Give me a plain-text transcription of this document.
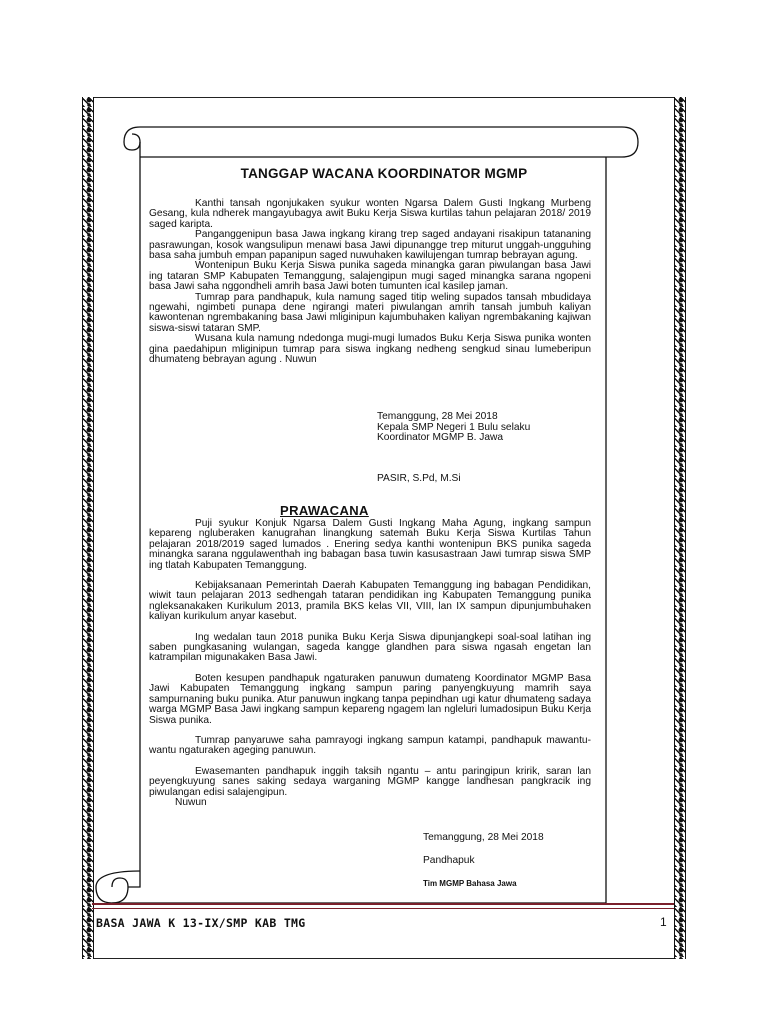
TANGGAP WACANA KOORDINATOR MGMP

Kanthi tansah ngonjukaken syukur wonten Ngarsa Dalem Gusti Ingkang Murbeng Gesang, kula ndherek mangayubagya awit Buku Kerja Siswa kurtilas tahun pelajaran 2018/ 2019 saged karipta.

Panganggenipun basa Jawa ingkang kirang trep saged andayani risakipun tatananing pasrawungan, kosok wangsulipun menawi basa Jawi dipunangge trep miturut unggah-ungguhing basa saha jumbuh empan papanipun saged nuwuhaken kawilujengan tumrap bebrayan agung.

Wontenipun Buku Kerja Siswa punika sageda minangka garan piwulangan basa Jawi ing tataran SMP Kabupaten Temanggung, salajengipun mugi saged minangka sarana ngopeni basa Jawi saha nggondheli amrih basa Jawi boten tumunten ical kasilep jaman.

Tumrap para pandhapuk, kula namung saged titip weling supados tansah mbudidaya ngewahi, ngimbeti punapa dene ngirangi materi piwulangan amrih tansah jumbuh kaliyan kawontenan ngrembakaning basa Jawi mliginipun kajumbuhaken kaliyan ngrembakaning kajiwan siswa-siswi tataran SMP.

Wusana kula namung ndedonga mugi-mugi lumados Buku Kerja Siswa punika wonten gina paedahipun mliginipun tumrap para siswa ingkang nedheng sengkud sinau lumeberipun dhumateng bebrayan agung . Nuwun

Temanggung, 28 Mei 2018
Kepala SMP Negeri 1 Bulu selaku
Koordinator MGMP B. Jawa
PASIR, S.Pd, M.Si
PRAWACANA

Puji syukur Konjuk Ngarsa Dalem Gusti Ingkang Maha Agung, ingkang sampun kepareng ngluberaken kanugrahan linangkung satemah Buku Kerja Siswa Kurtilas Tahun pelajaran 2018/2019 saged lumados . Enering sedya kanthi wontenipun BKS punika sageda minangka sarana nggulawenthah ing babagan basa tuwin kasusastraan Jawi tumrap siswa SMP ing tlatah Kabupaten Temanggung.

Kebijaksanaan Pemerintah Daerah Kabupaten Temanggung ing babagan Pendidikan, wiwit taun pelajaran 2013 sedhengah tataran pendidikan ing Kabupaten Temanggung punika ngleksanakaken Kurikulum 2013, pramila BKS kelas VII, VIII, lan IX sampun dipunjumbuhaken kaliyan kurikulum anyar kasebut.

Ing wedalan taun 2018 punika Buku Kerja Siswa dipunjangkepi soal-soal latihan ing saben pungkasaning wulangan, sageda kangge glandhen para siswa ngasah engetan lan katrampilan migunakaken Basa Jawi.

Boten kesupen pandhapuk ngaturaken panuwun dumateng Koordinator MGMP Basa Jawi Kabupaten Temanggung ingkang sampun paring panyengkuyung mamrih saya sampurnaning buku punika. Atur panuwun ingkang tanpa pepindhan ugi katur dhumateng sadaya warga MGMP Basa Jawi ingkang sampun kepareng ngagem lan ngleluri lumadosipun Buku Kerja Siswa punika.

Tumrap panyaruwe saha pamrayogi ingkang sampun katampi, pandhapuk mawantu-wantu ngaturaken ageging panuwun.

Ewasemanten pandhapuk inggih taksih ngantu – antu paringipun kririk, saran lan peyengkuyung sanes saking sedaya warganing MGMP kangge landhesan pangkracik ing piwulangan edisi salajengipun.

Nuwun

Temanggung, 28 Mei 2018
Pandhapuk
Tim MGMP Bahasa Jawa
BASA JAWA K 13-IX/SMP KAB TMG	1
